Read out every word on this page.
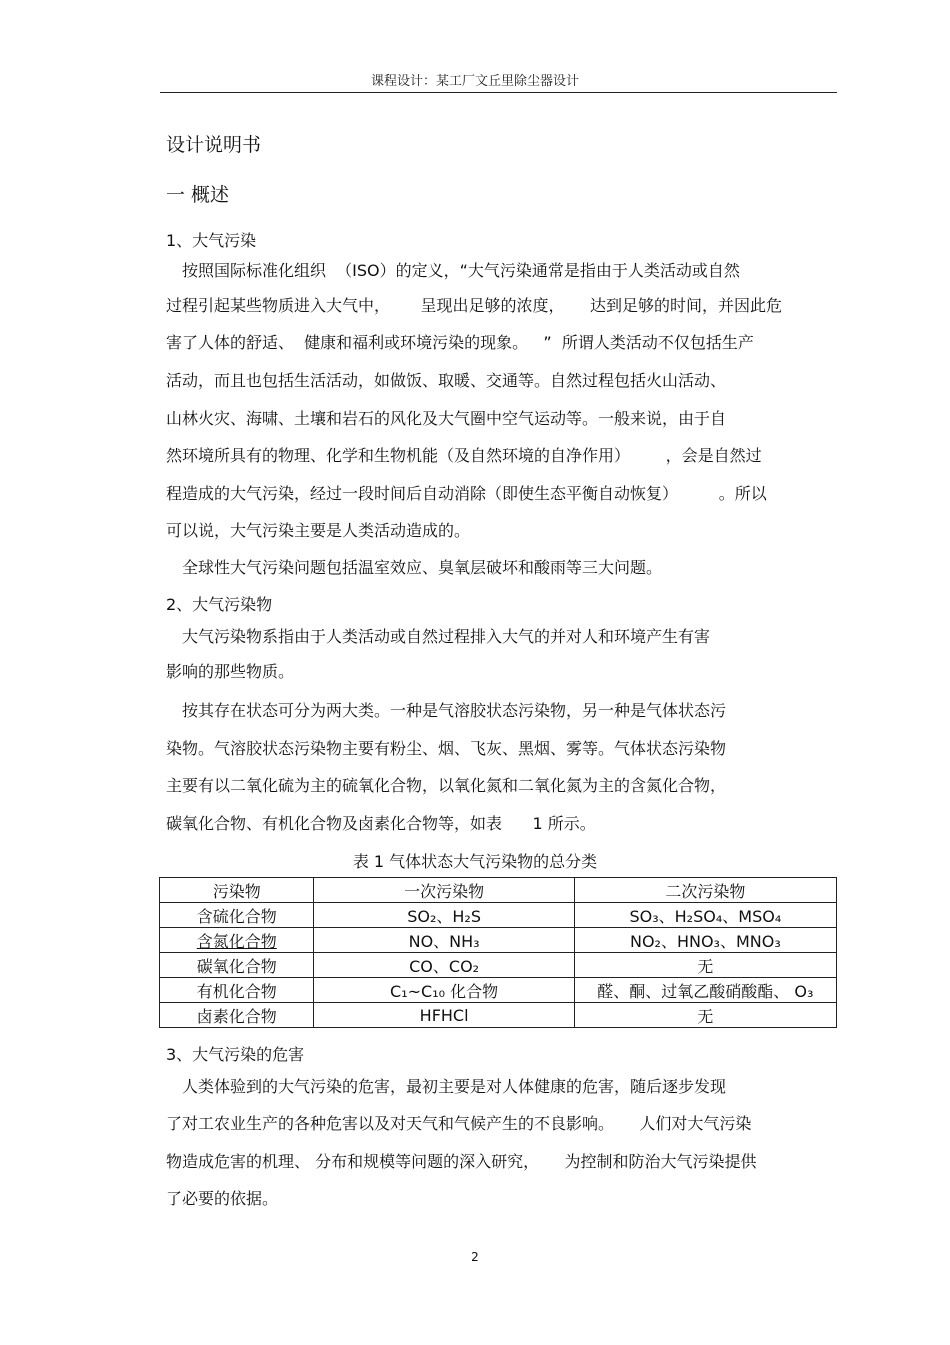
课程设计：某工厂文丘里除尘器设计
设计说明书
一 概述
1、大气污染
按照国际标准化组织  （ISO）的定义，“大气污染通常是指由于人类活动或自然
过程引起某些物质进入大气中，      呈现出足够的浓度，     达到足够的时间，并因此危
害了人体的舒适、  健康和福利或环境污染的现象。   ”  所谓人类活动不仅包括生产
活动，而且也包括生活活动，如做饭、取暖、交通等。自然过程包括火山活动、
山林火灾、海啸、土壤和岩石的风化及大气圈中空气运动等。一般来说，由于自
然环境所具有的物理、化学和生物机能（及自然环境的自净作用）       ，会是自然过
程造成的大气污染，经过一段时间后自动消除（即使生态平衡自动恢复）        。所以
可以说，大气污染主要是人类活动造成的。
全球性大气污染问题包括温室效应、臭氧层破坏和酸雨等三大问题。
2、大气污染物
大气污染物系指由于人类活动或自然过程排入大气的并对人和环境产生有害
影响的那些物质。
按其存在状态可分为两大类。一种是气溶胶状态污染物，另一种是气体状态污
染物。气溶胶状态污染物主要有粉尘、烟、飞灰、黑烟、雾等。气体状态污染物
主要有以二氧化硫为主的硫氧化合物，以氧化氮和二氧化氮为主的含氮化合物，
碳氧化合物、有机化合物及卤素化合物等，如表      1 所示。
表 1 气体状态大气污染物的总分类
污染物	一次污染物	二次污染物
含硫化合物	SO₂、H₂S	SO₃、H₂SO₄、MSO₄
含氮化合物	NO、NH₃	NO₂、HNO₃、MNO₃
碳氧化合物	CO、CO₂	无
有机化合物	C₁~C₁₀ 化合物	醛、酮、过氧乙酸硝酸酯、 O₃
卤素化合物	HFHCl	无
3、大气污染的危害
人类体验到的大气污染的危害，最初主要是对人体健康的危害，随后逐步发现
了对工农业生产的各种危害以及对天气和气候产生的不良影响。     人们对大气污染
物造成危害的机理、 分布和规模等问题的深入研究，     为控制和防治大气污染提供
了必要的依据。
2
